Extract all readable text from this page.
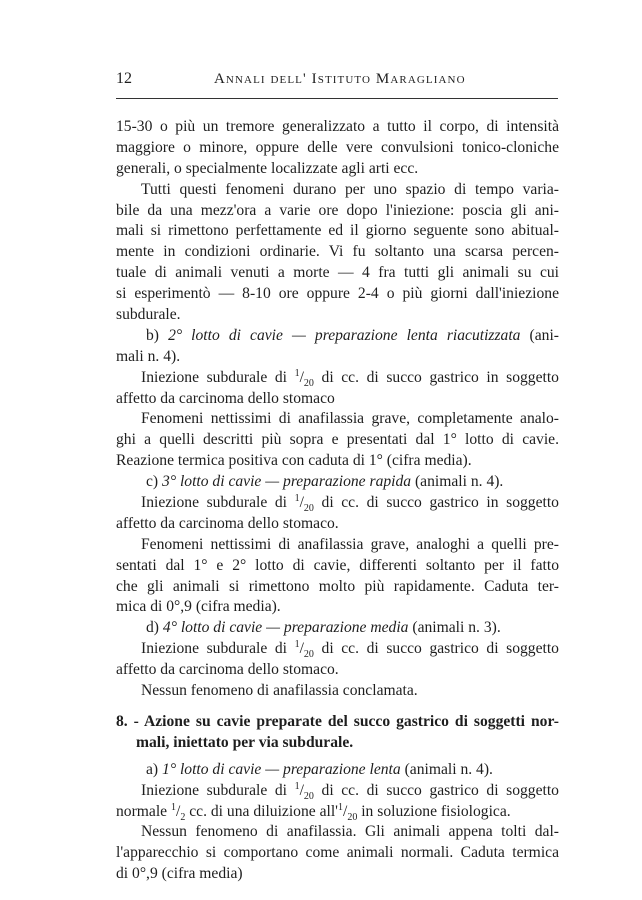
12	Annali dell' Istituto Maragliano
15-30 o più un tremore generalizzato a tutto il corpo, di intensità
maggiore o minore, oppure delle vere convulsioni tonico-cloniche
generali, o specialmente localizzate agli arti ecc.
Tutti questi fenomeni durano per uno spazio di tempo varia-
bile da una mezz'ora a varie ore dopo l'iniezione: poscia gli ani-
mali si rimettono perfettamente ed il giorno seguente sono abitual-
mente in condizioni ordinarie. Vi fu soltanto una scarsa percen-
tuale di animali venuti a morte — 4 fra tutti gli animali su cui
si esperimentò — 8-10 ore oppure 2-4 o più giorni dall'iniezione
subdurale.
b) 2° lotto di cavie — preparazione lenta riacutizzata (ani-
mali n. 4).
Iniezione subdurale di $^1/_{20}$ di cc. di succo gastrico in soggetto
affetto da carcinoma dello stomaco
Fenomeni nettissimi di anafilassia grave, completamente analo-
ghi a quelli descritti più sopra e presentati dal 1° lotto di cavie.
Reazione termica positiva con caduta di 1° (cifra media).
c) 3° lotto di cavie — preparazione rapida (animali n. 4).
Iniezione subdurale di $^1/_{20}$ di cc. di succo gastrico in soggetto
affetto da carcinoma dello stomaco.
Fenomeni nettissimi di anafilassia grave, analoghi a quelli pre-
sentati dal 1° e 2° lotto di cavie, differenti soltanto per il fatto
che gli animali si rimettono molto più rapidamente. Caduta ter-
mica di 0°,9 (cifra media).
d) 4° lotto di cavie — preparazione media (animali n. 3).
Iniezione subdurale di $^1/_{20}$ di cc. di succo gastrico di soggetto
affetto da carcinoma dello stomaco.
Nessun fenomeno di anafilassia conclamata.
8. - Azione su cavie preparate del succo gastrico di soggetti nor-
mali, iniettato per via subdurale.
a) 1° lotto di cavie — preparazione lenta (animali n. 4).
Iniezione subdurale di $^1/_{20}$ di cc. di succo gastrico di soggetto
normale $^1/_2$ cc. di una diluizione $all'^1/_{20}$ in soluzione fisiologica.
Nessun fenomeno di anafilassia. Gli animali appena tolti dal-
l'apparecchio si comportano come animali normali. Caduta termica
di 0°,9 (cifra media)
